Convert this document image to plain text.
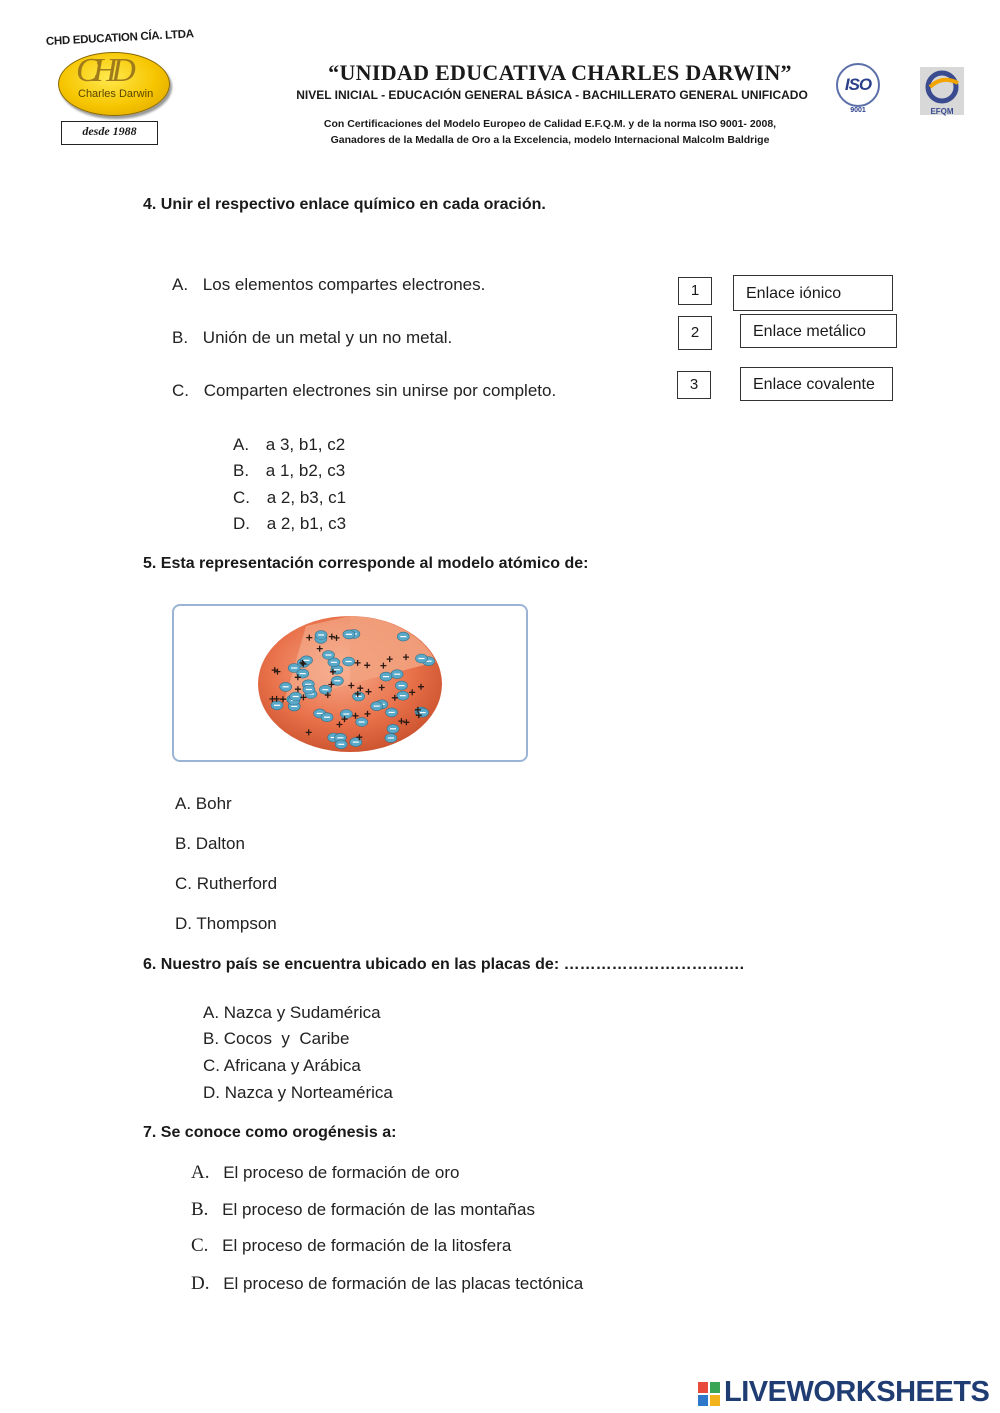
CHD EDUCATION CÍA. LTDA
CHD
Charles Darwin
desde 1988
“UNIDAD EDUCATIVA CHARLES DARWIN”
NIVEL INICIAL - EDUCACIÓN GENERAL BÁSICA - BACHILLERATO GENERAL UNIFICADO
Con Certificaciones del Modelo Europeo de Calidad E.F.Q.M. y de la norma ISO 9001- 2008,
Ganadores de la Medalla de Oro a la Excelencia, modelo Internacional Malcolm Baldrige
ISO
9001	EFQM
4. Unir el respectivo enlace químico en cada oración.
A. Los elementos compartes electrones.
B. Unión de un metal y un no metal.
C. Comparten electrones sin unirse por completo.
1
2
3
Enlace iónico
Enlace metálico
Enlace covalente
A. a 3, b1, c2
B. a 1, b2, c3
C. a 2, b3, c1
D. a 2, b1, c3
5. Esta representación corresponde al modelo atómico de:
A. Bohr
B. Dalton
C. Rutherford
D. Thompson
6. Nuestro país se encuentra ubicado en las placas de: …………………………….
A. Nazca y Sudamérica
B. Cocos  y  Caribe
C. Africana y Arábica
D. Nazca y Norteamérica
7. Se conoce como orogénesis a:
A. El proceso de formación de oro
B. El proceso de formación de las montañas
C. El proceso de formación de la litosfera
D. El proceso de formación de las placas tectónica
LIVEWORKSHEETS
